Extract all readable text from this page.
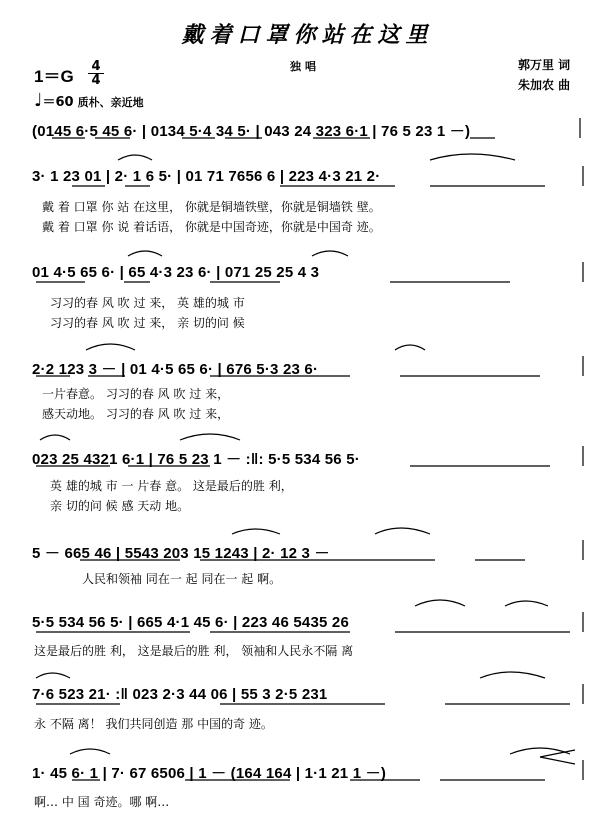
戴着口罩你站在这里
1＝G
4
4
♩＝60 质朴、亲近地
独唱	郭万里 词
朱加农 曲
(0145 6·5 45 6· | 0134 5·4 34 5· | 043 24 323 6·1 | 76 5 23 1 －)
3· 1 23 01 | 2· 1 6 5· | 01 71 7656 6 | 223 4·3 21 2·
戴 着 口罩 你 站 在这里， 你就是铜墙铁壁，你就是铜墙铁 壁。
戴 着 口罩 你 说 着话语， 你就是中国奇迹，你就是中国奇 迹。
01 4·5 65 6· | 65 4·3 23 6· | 071 25 25 4 3
习习的春 风 吹 过 来， 英 雄的城 市
习习的春 风 吹 过 来， 亲 切的问 候
2·2 123 3 － | 01 4·5 65 6· | 676 5·3 23 6·
一片春意。 习习的春 风 吹 过 来，
感天动地。 习习的春 风 吹 过 来，
023 25 4321 6·1 | 76 5 23 1 － :‖: 5·5 534 56 5·
英 雄的城 市 一 片春 意。 这是最后的胜 利，
亲 切的问 候 感 天动 地。
5 － 665 46 | 5543 203 15 1243 | 2· 12 3 －
人民和领袖 同在一 起 同在一 起 啊。
5·5 534 56 5· | 665 4·1 45 6· | 223 46 5435 26
这是最后的胜 利， 这是最后的胜 利， 领袖和人民永不隔 离
7·6 523 21· :‖ 023 2·3 44 06 | 55 3 2·5 231
永 不隔 离！ 我们共同创造 那 中国的奇 迹。
1· 45 6· 1 | 7· 67 6506 | 1 － (164 164 | 1·1 21 1 －)
啊… 中 国 奇迹。哪 啊…
